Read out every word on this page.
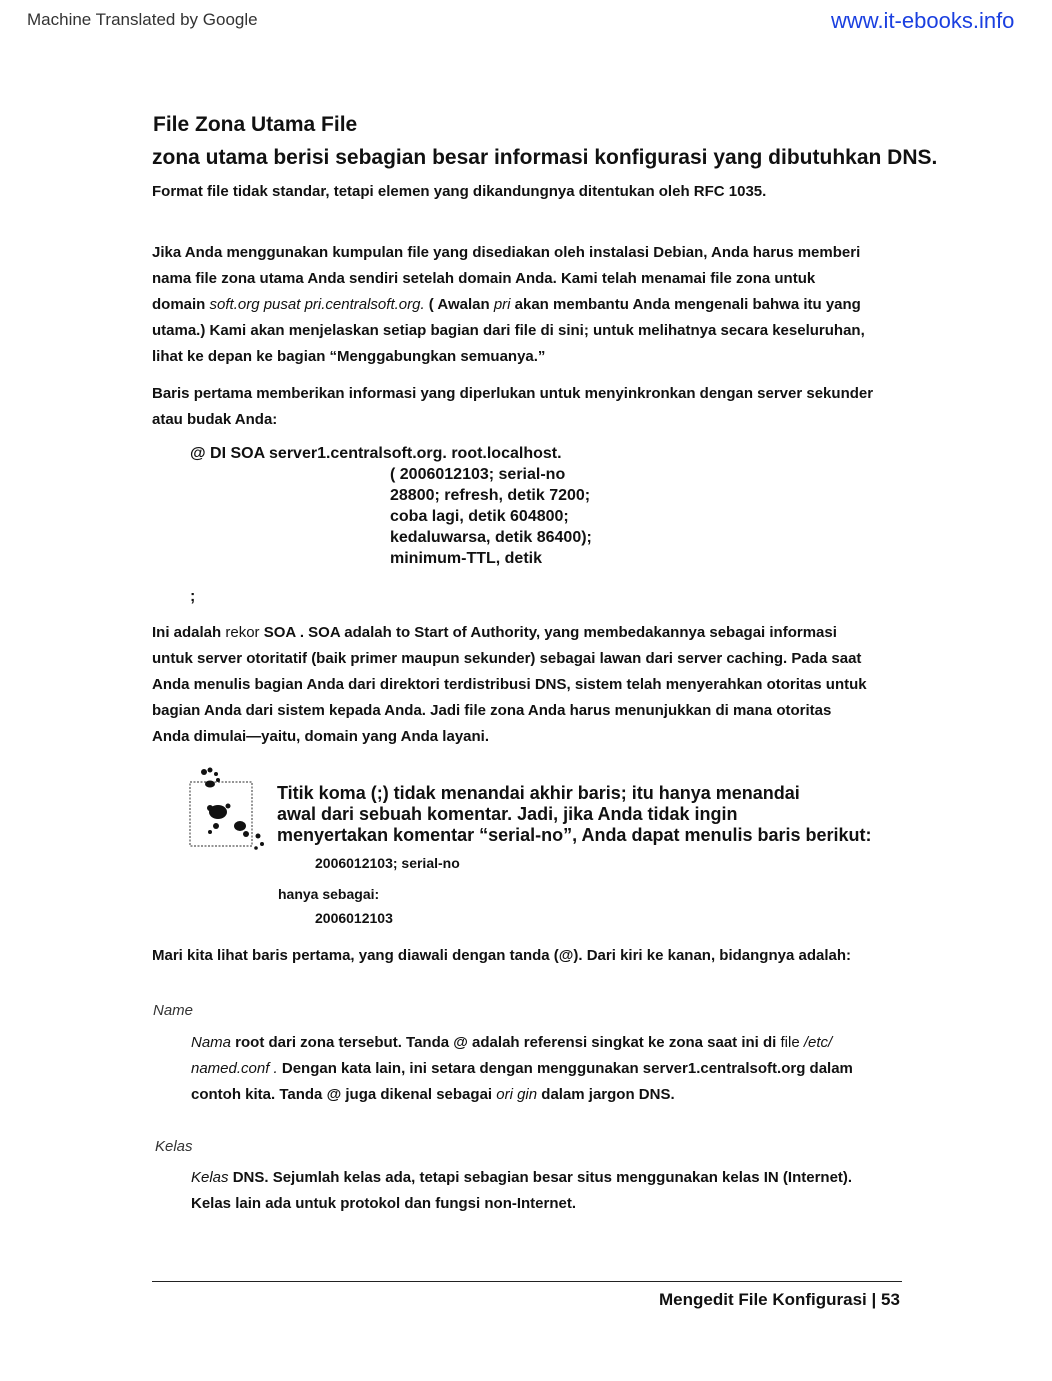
Machine Translated by Google	www.it-ebooks.info
File Zona Utama File
zona utama berisi sebagian besar informasi konfigurasi yang dibutuhkan DNS.
Format file tidak standar, tetapi elemen yang dikandungnya ditentukan oleh RFC 1035.
Jika Anda menggunakan kumpulan file yang disediakan oleh instalasi Debian, Anda harus memberi
nama file zona utama Anda sendiri setelah domain Anda. Kami telah menamai file zona untuk
domain soft.org pusat pri.centralsoft.org. ( Awalan pri akan membantu Anda mengenali bahwa itu yang
utama.) Kami akan menjelaskan setiap bagian dari file di sini; untuk melihatnya secara keseluruhan,
lihat ke depan ke bagian “Menggabungkan semuanya.”
Baris pertama memberikan informasi yang diperlukan untuk menyinkronkan dengan server sekunder
atau budak Anda:
@ DI SOA server1.centralsoft.org. root.localhost.
( 2006012103; serial-no
28800; refresh, detik 7200;
coba lagi, detik 604800;
kedaluwarsa, detik 86400);
minimum-TTL, detik
;
Ini adalah rekor SOA . SOA adalah to Start of Authority, yang membedakannya sebagai informasi
untuk server otoritatif (baik primer maupun sekunder) sebagai lawan dari server caching. Pada saat
Anda menulis bagian Anda dari direktori terdistribusi DNS, sistem telah menyerahkan otoritas untuk
bagian Anda dari sistem kepada Anda. Jadi file zona Anda harus menunjukkan di mana otoritas
Anda dimulai—yaitu, domain yang Anda layani.
Titik koma (;) tidak menandai akhir baris; itu hanya menandai
awal dari sebuah komentar. Jadi, jika Anda tidak ingin
menyertakan komentar “serial-no”, Anda dapat menulis baris berikut:
2006012103; serial-no
hanya sebagai:
2006012103
Mari kita lihat baris pertama, yang diawali dengan tanda (@). Dari kiri ke kanan, bidangnya adalah:
Name
Nama root dari zona tersebut. Tanda @ adalah referensi singkat ke zona saat ini di file /etc/
named.conf . Dengan kata lain, ini setara dengan menggunakan server1.centralsoft.org dalam
contoh kita. Tanda @ juga dikenal sebagai ori gin dalam jargon DNS.
Kelas
Kelas DNS. Sejumlah kelas ada, tetapi sebagian besar situs menggunakan kelas IN (Internet).
Kelas lain ada untuk protokol dan fungsi non-Internet.
Mengedit File Konfigurasi | 53
